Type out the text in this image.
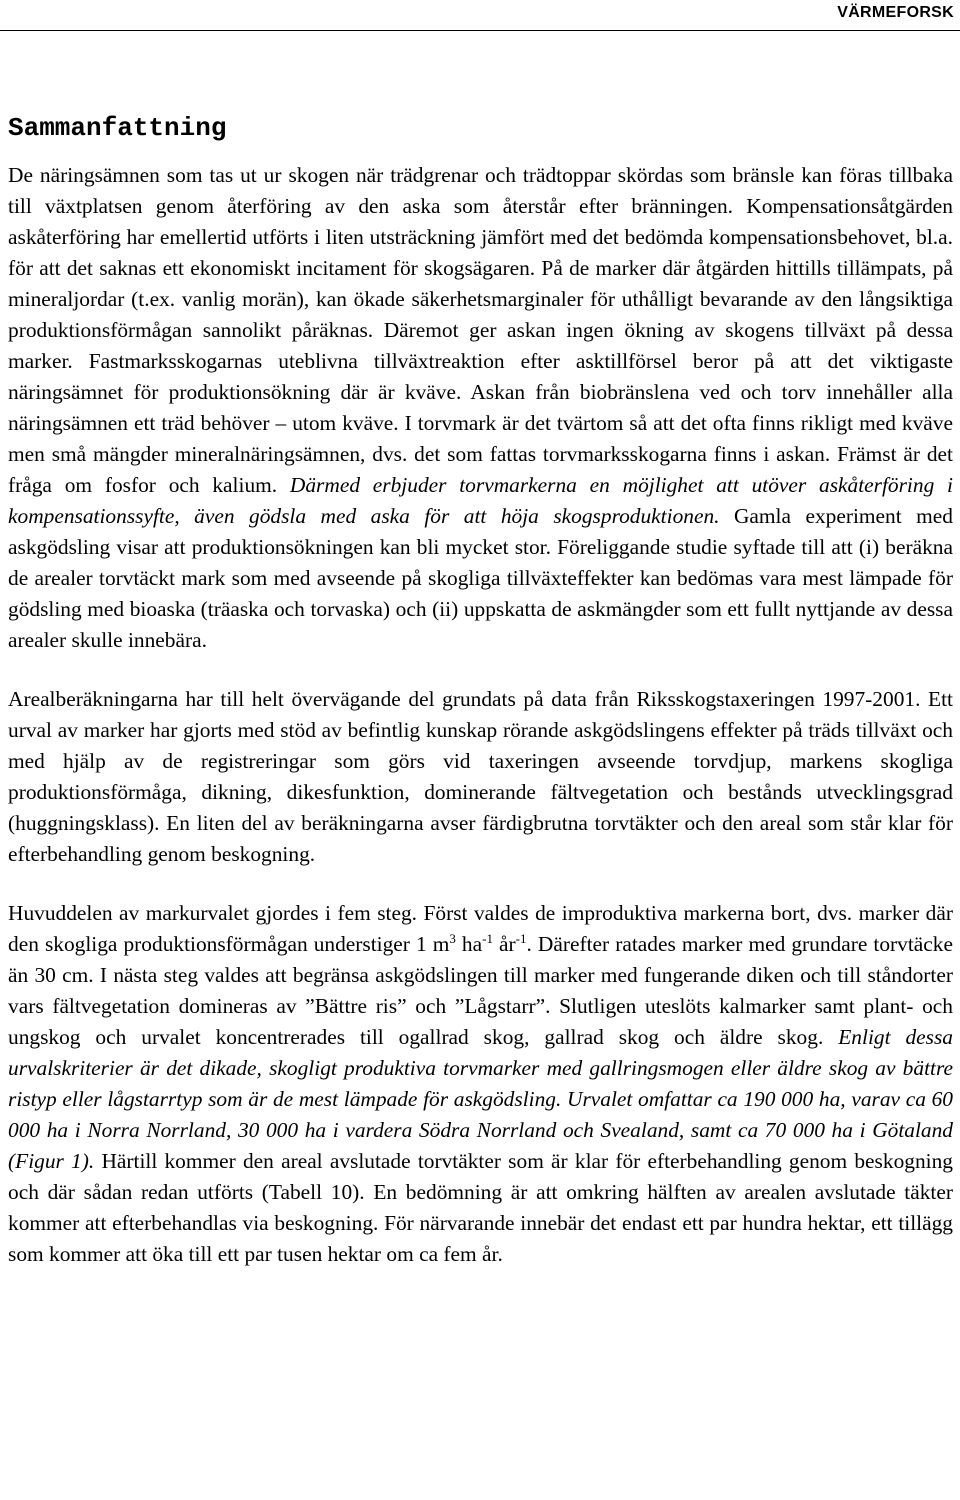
VÄRMEFORSK
Sammanfattning

De näringsämnen som tas ut ur skogen när trädgrenar och trädtoppar skördas som bränsle kan föras tillbaka till växtplatsen genom återföring av den aska som återstår efter bränningen. Kompensationsåtgärden askåterföring har emellertid utförts i liten utsträckning jämfört med det bedömda kompensationsbehovet, bl.a. för att det saknas ett ekonomiskt incitament för skogsägaren. På de marker där åtgärden hittills tillämpats, på mineraljordar (t.ex. vanlig morän), kan ökade säkerhetsmarginaler för uthålligt bevarande av den långsiktiga produktionsförmågan sannolikt påräknas. Däremot ger askan ingen ökning av skogens tillväxt på dessa marker. Fastmarksskogarnas uteblivna tillväxtreaktion efter asktillförsel beror på att det viktigaste näringsämnet för produktionsökning där är kväve. Askan från biobränslena ved och torv innehåller alla näringsämnen ett träd behöver – utom kväve. I torvmark är det tvärtom så att det ofta finns rikligt med kväve men små mängder mineralnäringsämnen, dvs. det som fattas torvmarksskogarna finns i askan. Främst är det fråga om fosfor och kalium. Därmed erbjuder torvmarkerna en möjlighet att utöver askåterföring i kompensationssyfte, även gödsla med aska för att höja skogsproduktionen. Gamla experiment med askgödsling visar att produktionsökningen kan bli mycket stor. Föreliggande studie syftade till att (i) beräkna de arealer torvtäckt mark som med avseende på skogliga tillväxteffekter kan bedömas vara mest lämpade för gödsling med bioaska (träaska och torvaska) och (ii) uppskatta de askmängder som ett fullt nyttjande av dessa arealer skulle innebära.

Arealberäkningarna har till helt övervägande del grundats på data från Riksskogstaxeringen 1997-2001. Ett urval av marker har gjorts med stöd av befintlig kunskap rörande askgödslingens effekter på träds tillväxt och med hjälp av de registreringar som görs vid taxeringen avseende torvdjup, markens skogliga produktionsförmåga, dikning, dikesfunktion, dominerande fältvegetation och bestånds utvecklingsgrad (huggningsklass). En liten del av beräkningarna avser färdigbrutna torvtäkter och den areal som står klar för efterbehandling genom beskogning.

Huvuddelen av markurvalet gjordes i fem steg. Först valdes de improduktiva markerna bort, dvs. marker där den skogliga produktionsförmågan understiger 1 $m^3$ $ha^{-1}$ $år^{-1}$. Därefter ratades marker med grundare torvtäcke än 30 cm. I nästa steg valdes att begränsa askgödslingen till marker med fungerande diken och till ståndorter vars fältvegetation domineras av ”Bättre ris” och ”Lågstarr”. Slutligen uteslöts kalmarker samt plant- och ungskog och urvalet koncentrerades till ogallrad skog, gallrad skog och äldre skog. Enligt dessa urvalskriterier är det dikade, skogligt produktiva torvmarker med gallringsmogen eller äldre skog av bättre ristyp eller lågstarrtyp som är de mest lämpade för askgödsling. Urvalet omfattar ca 190 000 ha, varav ca 60 000 ha i Norra Norrland, 30 000 ha i vardera Södra Norrland och Svealand, samt ca 70 000 ha i Götaland (Figur 1). Härtill kommer den areal avslutade torvtäkter som är klar för efterbehandling genom beskogning och där sådan redan utförts (Tabell 10). En bedömning är att omkring hälften av arealen avslutade täkter kommer att efterbehandlas via beskogning. För närvarande innebär det endast ett par hundra hektar, ett tillägg som kommer att öka till ett par tusen hektar om ca fem år.
